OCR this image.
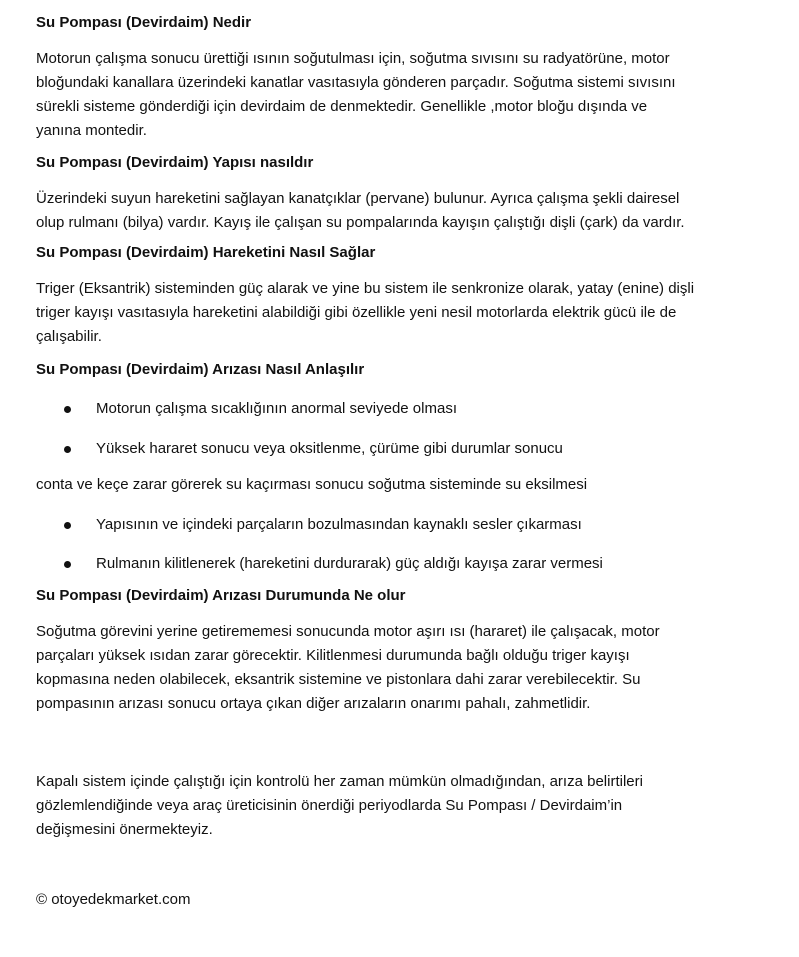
Su Pompası (Devirdaim) Nedir
Motorun çalışma sonucu ürettiği ısının soğutulması için, soğutma sıvısını su radyatörüne, motor
bloğundaki kanallara üzerindeki kanatlar vasıtasıyla gönderen parçadır. Soğutma sistemi sıvısını
sürekli sisteme gönderdiği için devirdaim de denmektedir. Genellikle ,motor bloğu dışında ve
yanına montedir.
Su Pompası (Devirdaim) Yapısı nasıldır
Üzerindeki suyun hareketini sağlayan kanatçıklar (pervane) bulunur. Ayrıca çalışma şekli dairesel
olup rulmanı (bilya) vardır. Kayış ile çalışan su pompalarında kayışın çalıştığı dişli (çark) da vardır.
Su Pompası (Devirdaim) Hareketini Nasıl Sağlar
Triger (Eksantrik) sisteminden güç alarak ve yine bu sistem ile senkronize olarak, yatay (enine) dişli
triger kayışı vasıtasıyla hareketini alabildiği gibi özellikle yeni nesil motorlarda elektrik gücü ile de
çalışabilir.
Su Pompası (Devirdaim) Arızası Nasıl Anlaşılır
Motorun çalışma sıcaklığının anormal seviyede olması
Yüksek hararet sonucu veya oksitlenme, çürüme gibi durumlar sonucu
conta ve keçe zarar görerek su kaçırması sonucu soğutma sisteminde su eksilmesi
Yapısının ve içindeki parçaların bozulmasından kaynaklı sesler çıkarması
Rulmanın kilitlenerek (hareketini durdurarak) güç aldığı kayışa zarar vermesi
Su Pompası (Devirdaim) Arızası Durumunda Ne olur
Soğutma görevini yerine getirememesi sonucunda motor aşırı ısı (hararet) ile çalışacak, motor
parçaları yüksek ısıdan zarar görecektir. Kilitlenmesi durumunda bağlı olduğu triger kayışı
kopmasına neden olabilecek, eksantrik sistemine ve pistonlara dahi zarar verebilecektir. Su
pompasının arızası sonucu ortaya çıkan diğer arızaların onarımı pahalı, zahmetlidir.
Kapalı sistem içinde çalıştığı için kontrolü her zaman mümkün olmadığından, arıza belirtileri
gözlemlendiğinde veya araç üreticisinin önerdiği periyodlarda Su Pompası / Devirdaim’in
değişmesini önermekteyiz.
© otoyedekmarket.com
